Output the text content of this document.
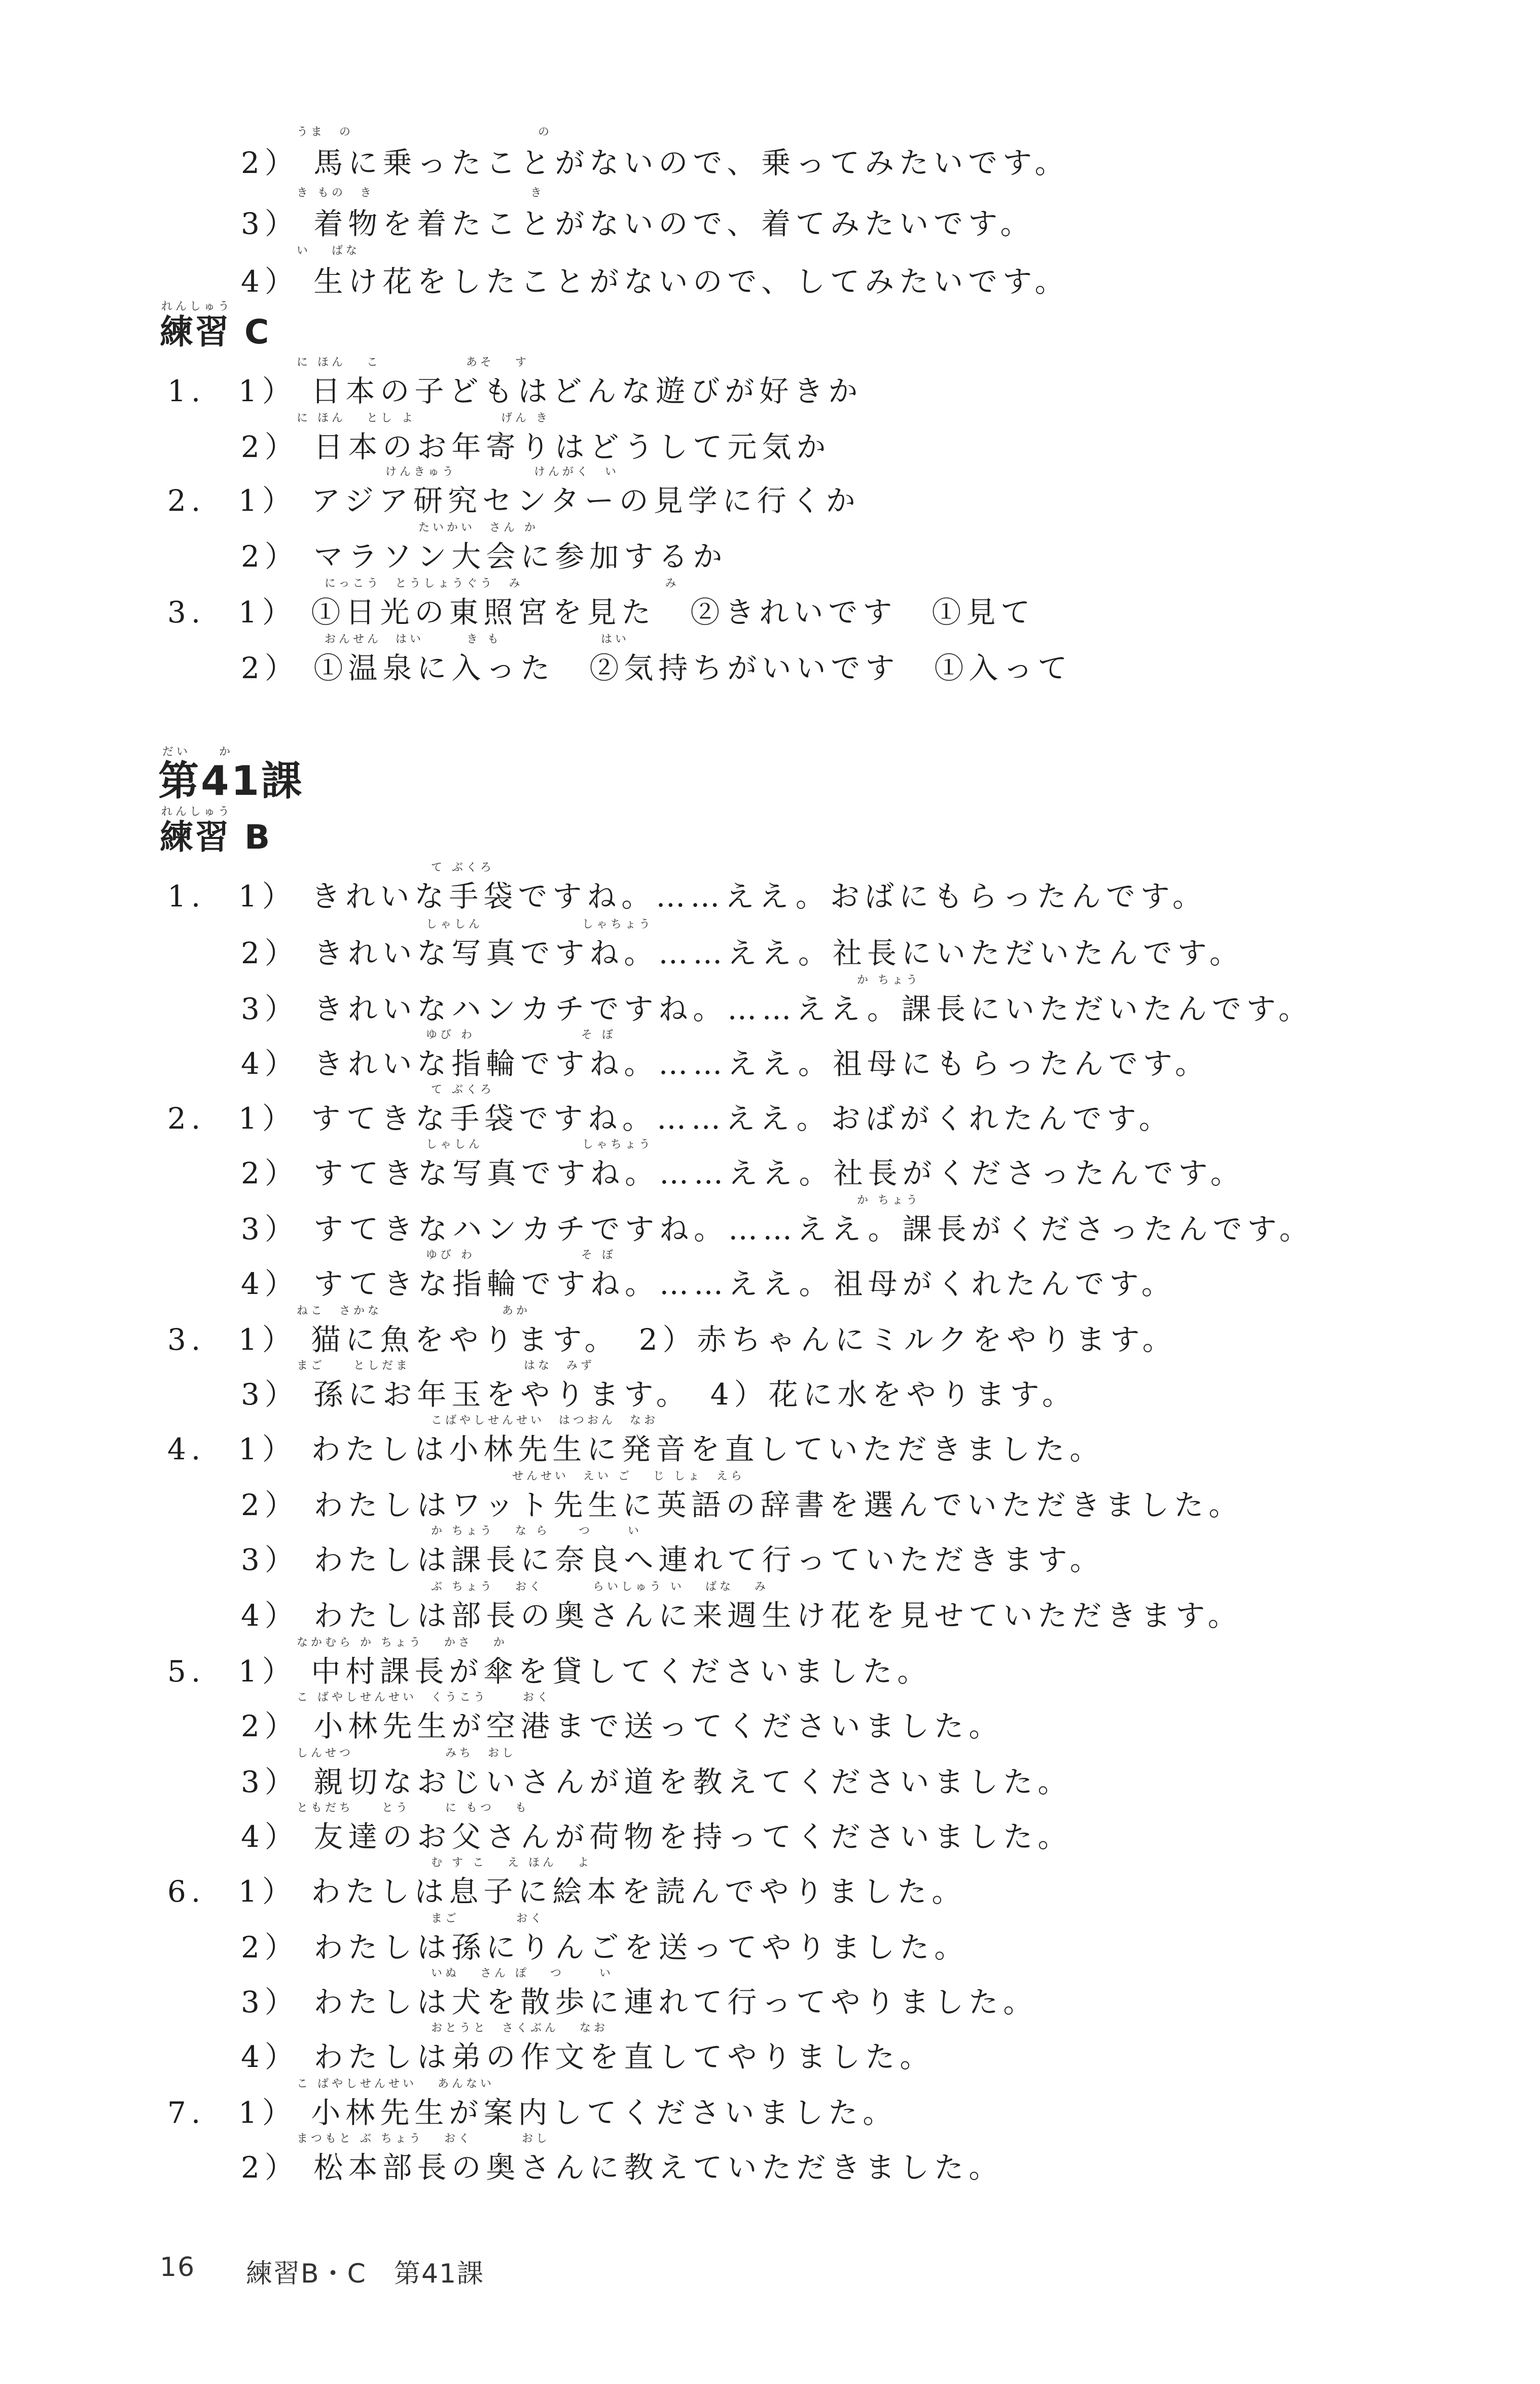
うま　の　　　　　　　　　　　　　の
2） 馬に乗ったことがないので、乗ってみたいです。
き もの　き　　　　　　　　　　　き
3） 着物を着たことがないので、着てみたいです。
い　 ばな
4） 生け花をしたことがないので、してみたいです。
れんしゅう
練習 C
に ほん　 こ　　　　　　あそ　 す
1. 1） 日本の子どもはどんな遊びが好きか
に ほん　 とし よ　　　　　　げん き
2） 日本のお年寄りはどうして元気か
けんきゅう　　　　　 けんがく　い
2. 1） アジア研究センターの見学に行くか
たいかい　さん か
2） マラソン大会に参加するか
にっこう　とうしょうぐう　み　　　　　　　　　　み
3. 1） ①日光の東照宮を見た　②きれいです　①見て
おんせん　はい　　　き も　　　　　　　はい
2） ①温泉に入った　②気持ちがいいです　①入って
だい　　か
第41課
れんしゅう
練習 B
て ぶくろ
1. 1） きれいな手袋ですね。……ええ。おばにもらったんです。
しゃしん　　　　　　　しゃちょう
2） きれいな写真ですね。……ええ。社長にいただいたんです。
か ちょう
3） きれいなハンカチですね。……ええ。課長にいただいたんです。
ゆび わ　　　　　　　 そ ぼ
4） きれいな指輪ですね。……ええ。祖母にもらったんです。
て ぶくろ
2. 1） すてきな手袋ですね。……ええ。おばがくれたんです。
しゃしん　　　　　　　しゃちょう
2） すてきな写真ですね。……ええ。社長がくださったんです。
か ちょう
3） すてきなハンカチですね。……ええ。課長がくださったんです。
ゆび わ　　　　　　　 そ ぼ
4） すてきな指輪ですね。……ええ。祖母がくれたんです。
ねこ　さかな　　　　　　　　 あか
3. 1） 猫に魚をやります。　2）赤ちゃんにミルクをやります。
まご　　としだま　　　　　　　　はな　みず
3） 孫にお年玉をやります。　4）花に水をやります。
こばやしせんせい　はつおん　なお
4. 1） わたしは小林先生に発音を直していただきました。
せんせい　えい ご　 じ しょ　えら
2） わたしはワット先生に英語の辞書を選んでいただきました。
か ちょう　 な ら　　つ　　 い
3） わたしは課長に奈良へ連れて行っていただきます。
ぶ ちょう　 おく　　　 らいしゅう い　 ばな　 み
4） わたしは部長の奥さんに来週生け花を見せていただきます。
なかむら か ちょう　 かさ　 か
5. 1） 中村課長が傘を貸してくださいました。
こ ばやしせんせい　くうこう　　 おく
2） 小林先生が空港まで送ってくださいました。
しんせつ　　　　　　 みち　おし
3） 親切なおじいさんが道を教えてくださいました。
ともだち　　とう　　 に もつ　 も
4） 友達のお父さんが荷物を持ってくださいました。
む す こ　 え ほん　 よ
6. 1） わたしは息子に絵本を読んでやりました。
まご　　　　おく
2） わたしは孫にりんごを送ってやりました。
いぬ　 さん ぽ　 つ　　 い
3） わたしは犬を散歩に連れて行ってやりました。
おとうと　さくぶん　 なお
4） わたしは弟の作文を直してやりました。
こ ばやしせんせい　 あんない
7. 1） 小林先生が案内してくださいました。
まつもと ぶ ちょう　 おく　　　 おし
2） 松本部長の奥さんに教えていただきました。
16 練習B・C　第41課
